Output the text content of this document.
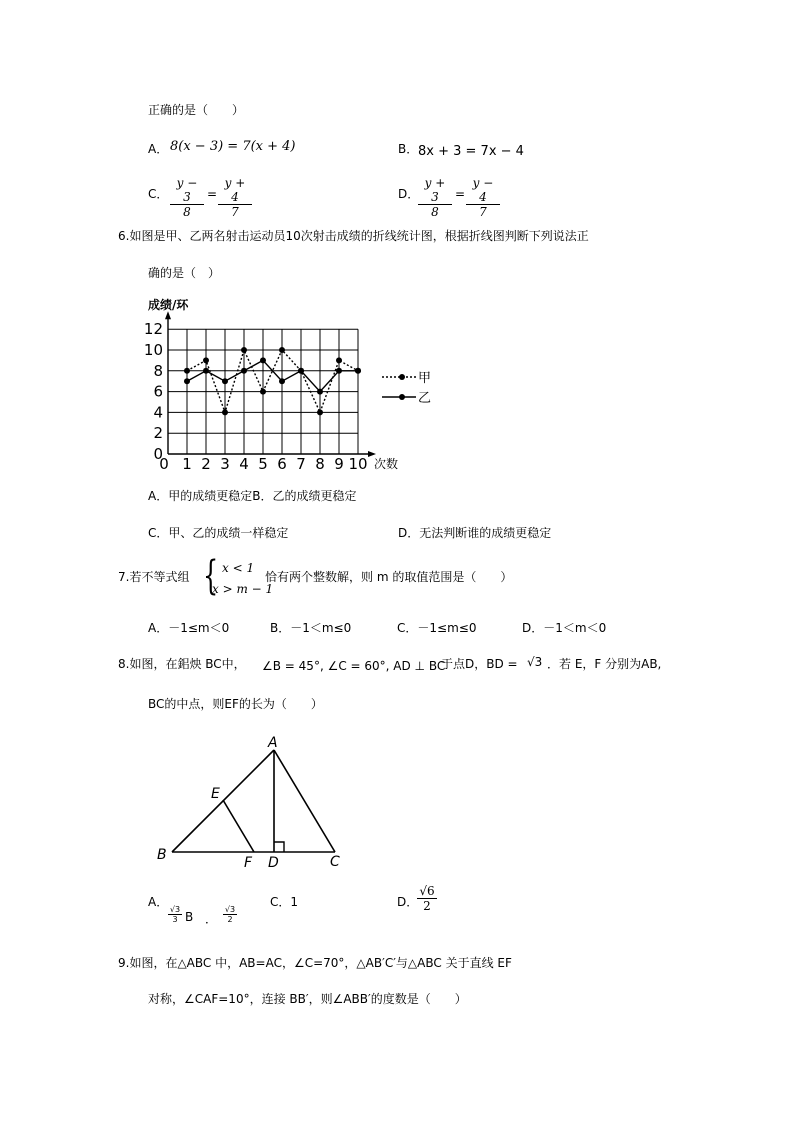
正确的是（　　）
A． 8(x − 3) = 7(x + 4)	B． 8x + 3 = 7x − 4
C． $\frac{y - 3}{8} = \frac{y + 4}{7}$	D．
$\frac{y + 3}{8} = \frac{y - 4}{7}$
6.如图是甲、乙两名射击运动员10次射击成绩的折线统计图，根据折线图判断下列说法正
确的是（　）
0
2
4
6
8
10
12
0 1 2 3 4 5 6 7 8 9 10
成绩/环
次数
甲
乙
A．甲的成绩更稳定B．乙的成绩更稳定
C．甲、乙的成绩一样稳定	D．无法判断谁的成绩更稳定
7.若不等式组 { x < 1
x > m − 1
恰有两个整数解，则 m 的取值范围是（　　）
A．－1≤m＜0	B．－1＜m≤0	C．－1≤m≤0	D．－1＜m＜0
8.如图，在鈻炴 BC中， ∠B = 45°, ∠C = 60°, AD ⊥ BC
于点D，BD = √3 ．若 E，F 分别为AB,
BC的中点，则EF的长为（　　）
A
B	C
D
E
F
A．
$\frac{√3}{3}$ B ． $\frac{√3}{2}$
C．1	D．
$\frac{√6}{2}$
9.如图，在△ABC 中，AB=AC，∠C=70°，△AB′C′与△ABC 关于直线 EF
对称，∠CAF=10°，连接 BB′，则∠ABB′的度数是（　　）
